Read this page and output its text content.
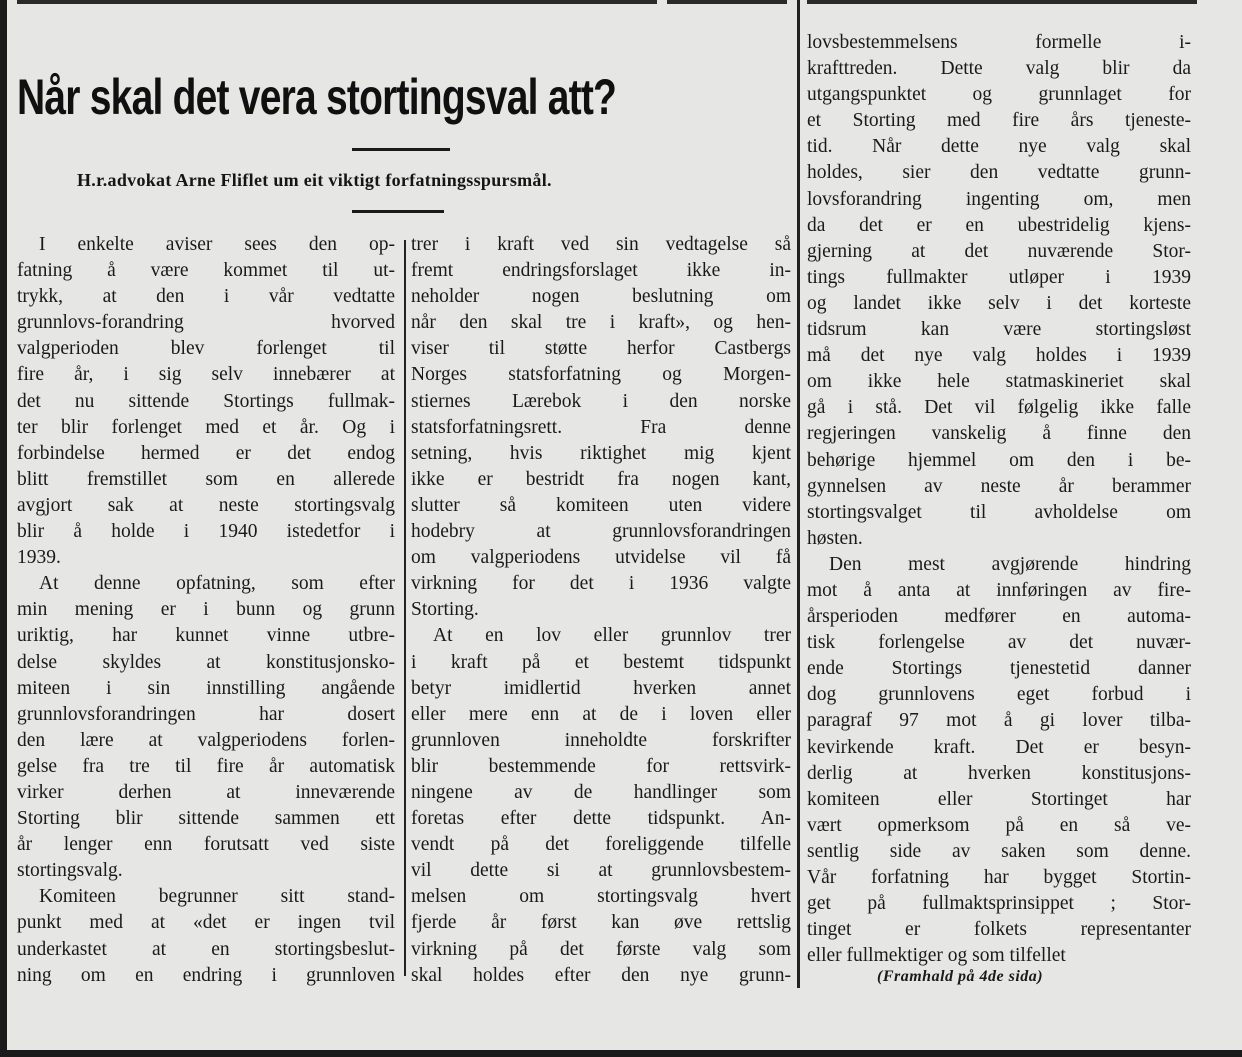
Når skal det vera stortingsval att?
H.r.advokat Arne Fliflet um eit viktigt forfatningsspursmål.
I enkelte aviser sees den op-
fatning å være kommet til ut-
trykk, at den i vår vedtatte
grunnlovs-forandring hvorved
valgperioden blev forlenget til
fire år, i sig selv innebærer at
det nu sittende Stortings fullmak-
ter blir forlenget med et år. Og i
forbindelse hermed er det endog
blitt fremstillet som en allerede
avgjort sak at neste stortingsvalg
blir å holde i 1940 istedetfor i
1939.
At denne opfatning, som efter
min mening er i bunn og grunn
uriktig, har kunnet vinne utbre-
delse skyldes at konstitusjonsko-
miteen i sin innstilling angående
grunnlovsforandringen har dosert
den lære at valgperiodens forlen-
gelse fra tre til fire år automatisk
virker derhen at inneværende
Storting blir sittende sammen ett
år lenger enn forutsatt ved siste
stortingsvalg.
Komiteen begrunner sitt stand-
punkt med at «det er ingen tvil
underkastet at en stortingsbeslut-
ning om en endring i grunnloven
trer i kraft ved sin vedtagelse så
fremt endringsforslaget ikke in-
neholder nogen beslutning om
når den skal tre i kraft», og hen-
viser til støtte herfor Castbergs
Norges statsforfatning og Morgen-
stiernes Lærebok i den norske
statsforfatningsrett. Fra denne
setning, hvis riktighet mig kjent
ikke er bestridt fra nogen kant,
slutter så komiteen uten videre
hodebry at grunnlovsforandringen
om valgperiodens utvidelse vil få
virkning for det i 1936 valgte
Storting.
At en lov eller grunnlov trer
i kraft på et bestemt tidspunkt
betyr imidlertid hverken annet
eller mere enn at de i loven eller
grunnloven inneholdte forskrifter
blir bestemmende for rettsvirk-
ningene av de handlinger som
foretas efter dette tidspunkt. An-
vendt på det foreliggende tilfelle
vil dette si at grunnlovsbestem-
melsen om stortingsvalg hvert
fjerde år først kan øve rettslig
virkning på det første valg som
skal holdes efter den nye grunn-
lovsbestemmelsens formelle i-
krafttreden. Dette valg blir da
utgangspunktet og grunnlaget for
et Storting med fire års tjeneste-
tid. Når dette nye valg skal
holdes, sier den vedtatte grunn-
lovsforandring ingenting om, men
da det er en ubestridelig kjens-
gjerning at det nuværende Stor-
tings fullmakter utløper i 1939
og landet ikke selv i det korteste
tidsrum kan være stortingsløst
må det nye valg holdes i 1939
om ikke hele statmaskineriet skal
gå i stå. Det vil følgelig ikke falle
regjeringen vanskelig å finne den
behørige hjemmel om den i be-
gynnelsen av neste år berammer
stortingsvalget til avholdelse om
høsten.
Den mest avgjørende hindring
mot å anta at innføringen av fire-
årsperioden medfører en automa-
tisk forlengelse av det nuvær-
ende Stortings tjenestetid danner
dog grunnlovens eget forbud i
paragraf 97 mot å gi lover tilba-
kevirkende kraft. Det er besyn-
derlig at hverken konstitusjons-
komiteen eller Stortinget har
vært opmerksom på en så ve-
sentlig side av saken som denne.
Vår forfatning har bygget Stortin-
get på fullmaktsprinsippet ; Stor-
tinget er folkets representanter
eller fullmektiger og som tilfellet
(Framhald på 4de sida)
